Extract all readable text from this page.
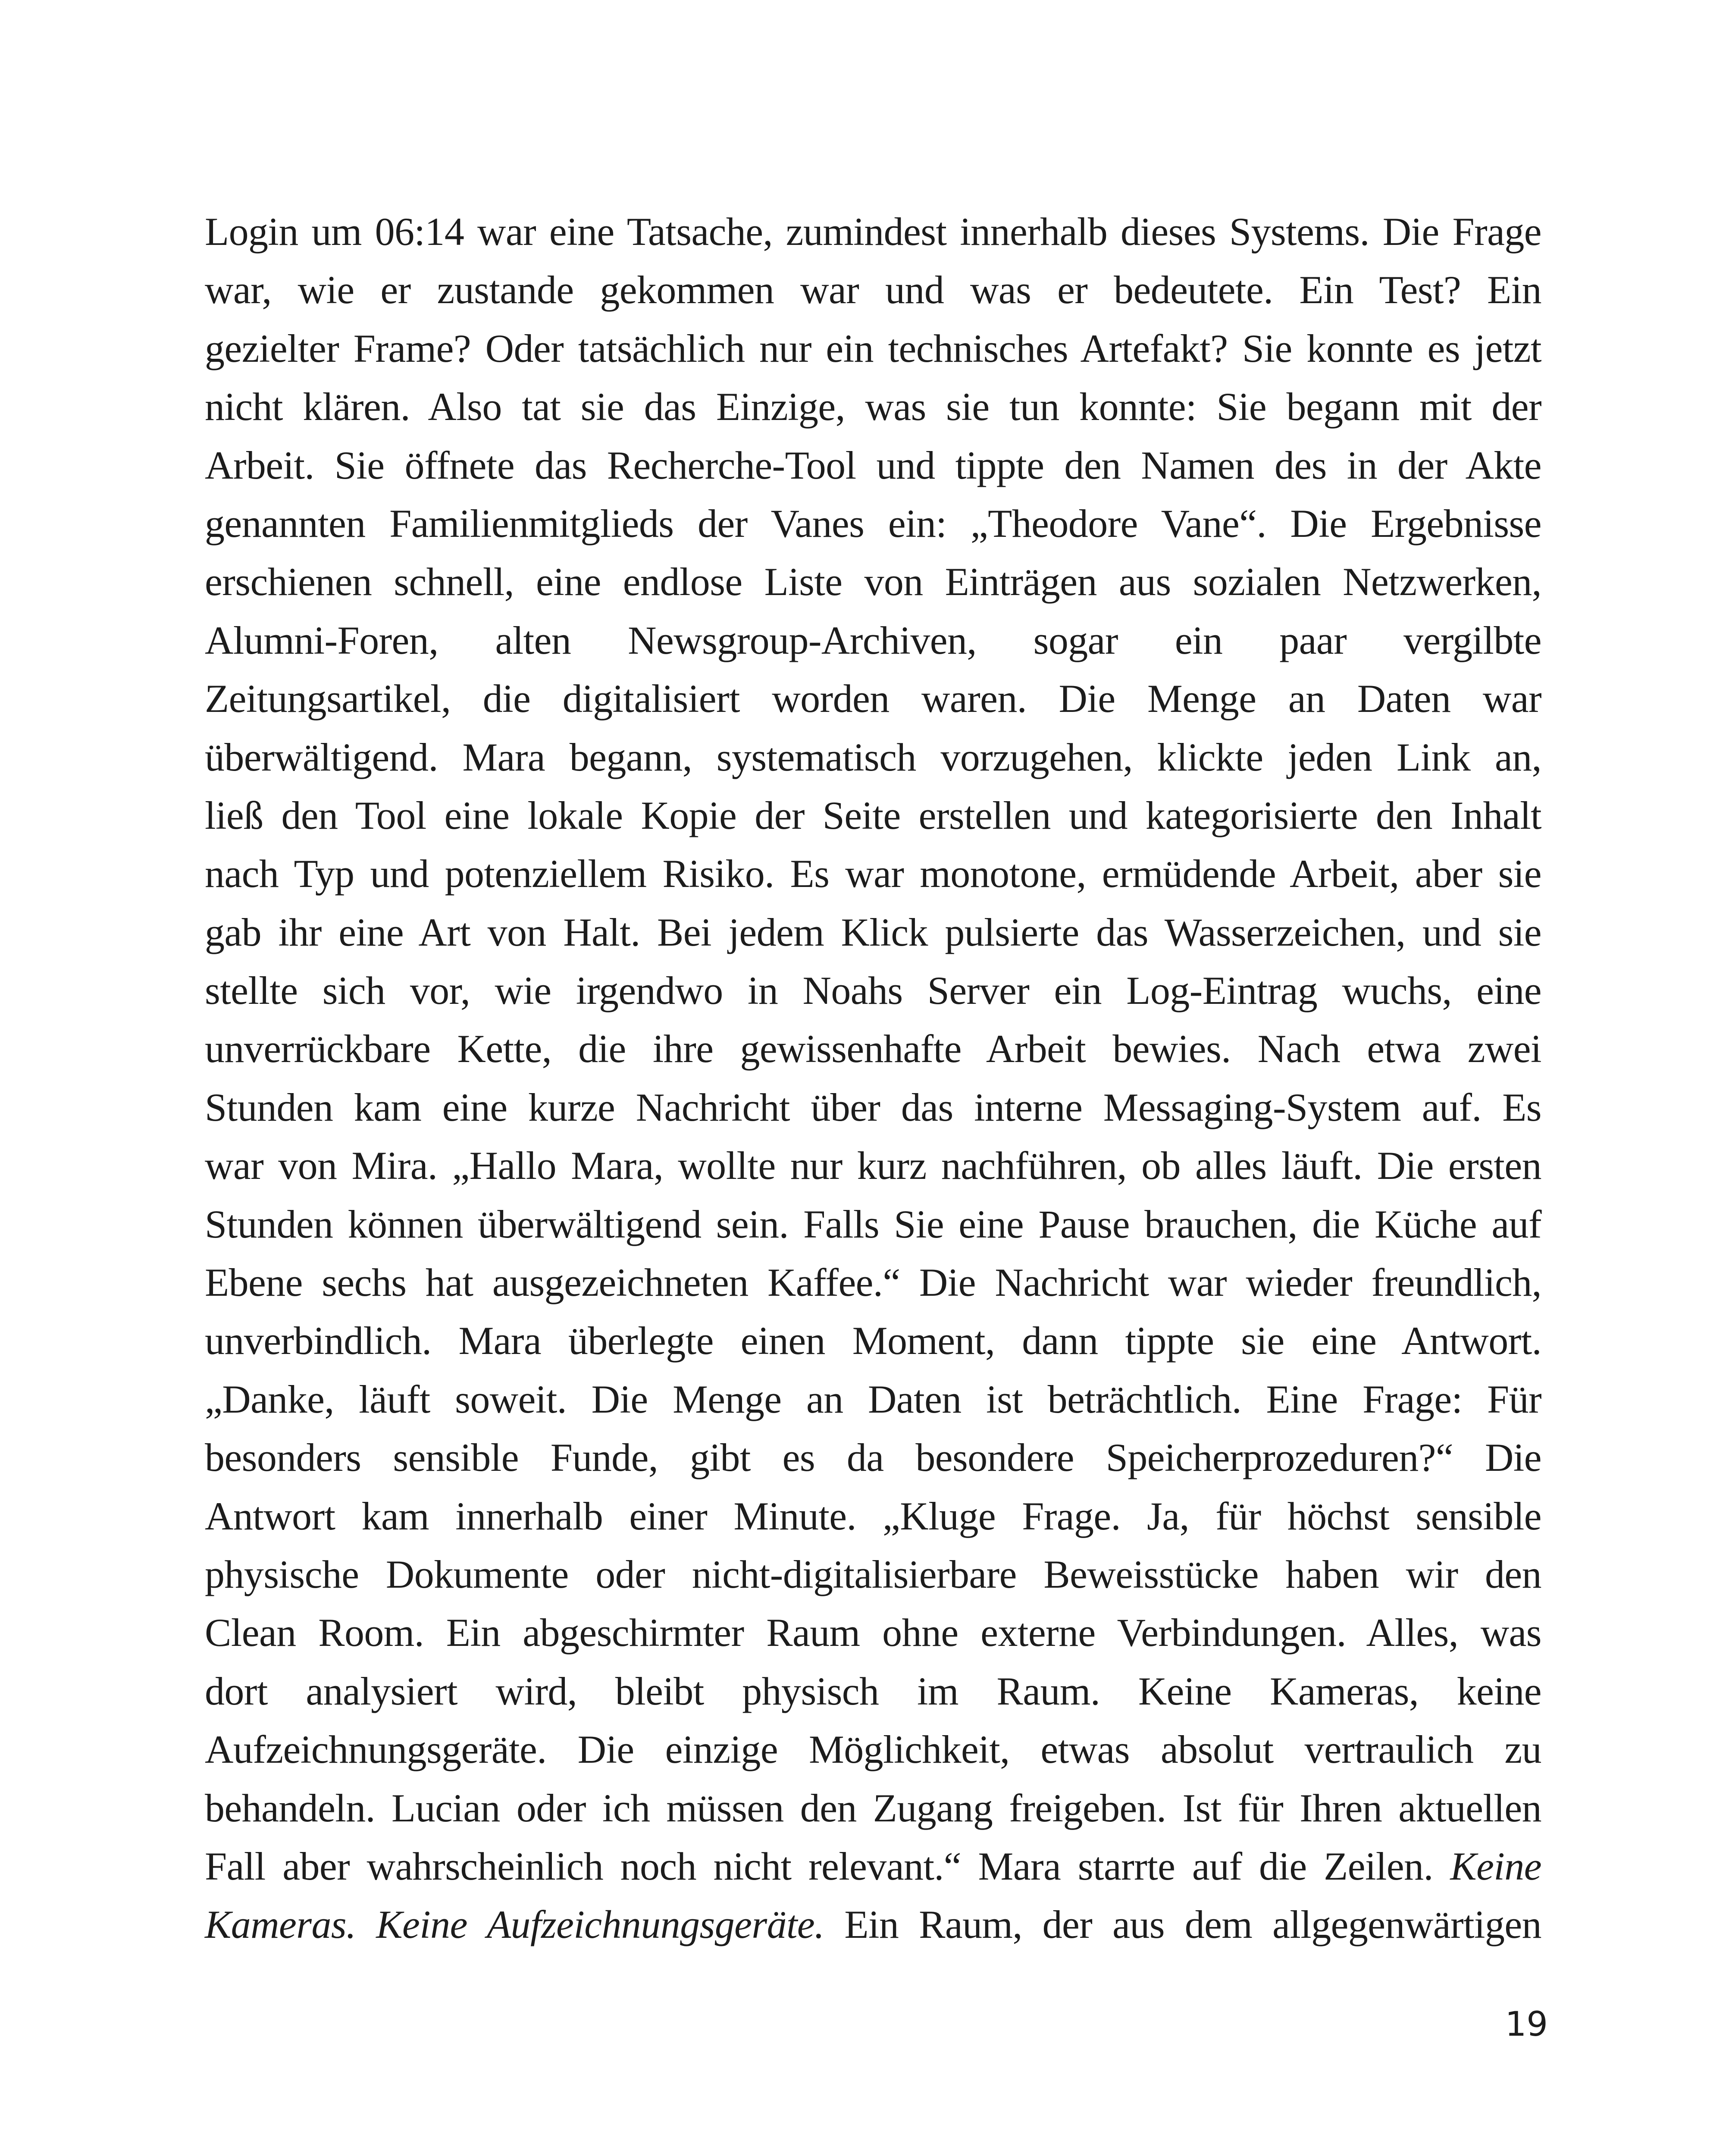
Login um 06:14 war eine Tatsache, zumindest innerhalb dieses Systems. Die Frage
war, wie er zustande gekommen war und was er bedeutete. Ein Test? Ein
gezielter Frame? Oder tatsächlich nur ein technisches Artefakt? Sie konnte es jetzt
nicht klären. Also tat sie das Einzige, was sie tun konnte: Sie begann mit der
Arbeit. Sie öffnete das Recherche-Tool und tippte den Namen des in der Akte
genannten Familienmitglieds der Vanes ein: „Theodore Vane“. Die Ergebnisse
erschienen schnell, eine endlose Liste von Einträgen aus sozialen Netzwerken,
Alumni-Foren, alten Newsgroup-Archiven, sogar ein paar vergilbte
Zeitungsartikel, die digitalisiert worden waren. Die Menge an Daten war
überwältigend. Mara begann, systematisch vorzugehen, klickte jeden Link an,
ließ den Tool eine lokale Kopie der Seite erstellen und kategorisierte den Inhalt
nach Typ und potenziellem Risiko. Es war monotone, ermüdende Arbeit, aber sie
gab ihr eine Art von Halt. Bei jedem Klick pulsierte das Wasserzeichen, und sie
stellte sich vor, wie irgendwo in Noahs Server ein Log-Eintrag wuchs, eine
unverrückbare Kette, die ihre gewissenhafte Arbeit bewies. Nach etwa zwei
Stunden kam eine kurze Nachricht über das interne Messaging-System auf. Es
war von Mira. „Hallo Mara, wollte nur kurz nachführen, ob alles läuft. Die ersten
Stunden können überwältigend sein. Falls Sie eine Pause brauchen, die Küche auf
Ebene sechs hat ausgezeichneten Kaffee.“ Die Nachricht war wieder freundlich,
unverbindlich. Mara überlegte einen Moment, dann tippte sie eine Antwort.
„Danke, läuft soweit. Die Menge an Daten ist beträchtlich. Eine Frage: Für
besonders sensible Funde, gibt es da besondere Speicherprozeduren?“ Die
Antwort kam innerhalb einer Minute. „Kluge Frage. Ja, für höchst sensible
physische Dokumente oder nicht-digitalisierbare Beweisstücke haben wir den
Clean Room. Ein abgeschirmter Raum ohne externe Verbindungen. Alles, was
dort analysiert wird, bleibt physisch im Raum. Keine Kameras, keine
Aufzeichnungsgeräte. Die einzige Möglichkeit, etwas absolut vertraulich zu
behandeln. Lucian oder ich müssen den Zugang freigeben. Ist für Ihren aktuellen
Fall aber wahrscheinlich noch nicht relevant.“ Mara starrte auf die Zeilen. Keine
Kameras. Keine Aufzeichnungsgeräte. Ein Raum, der aus dem allgegenwärtigen
19
